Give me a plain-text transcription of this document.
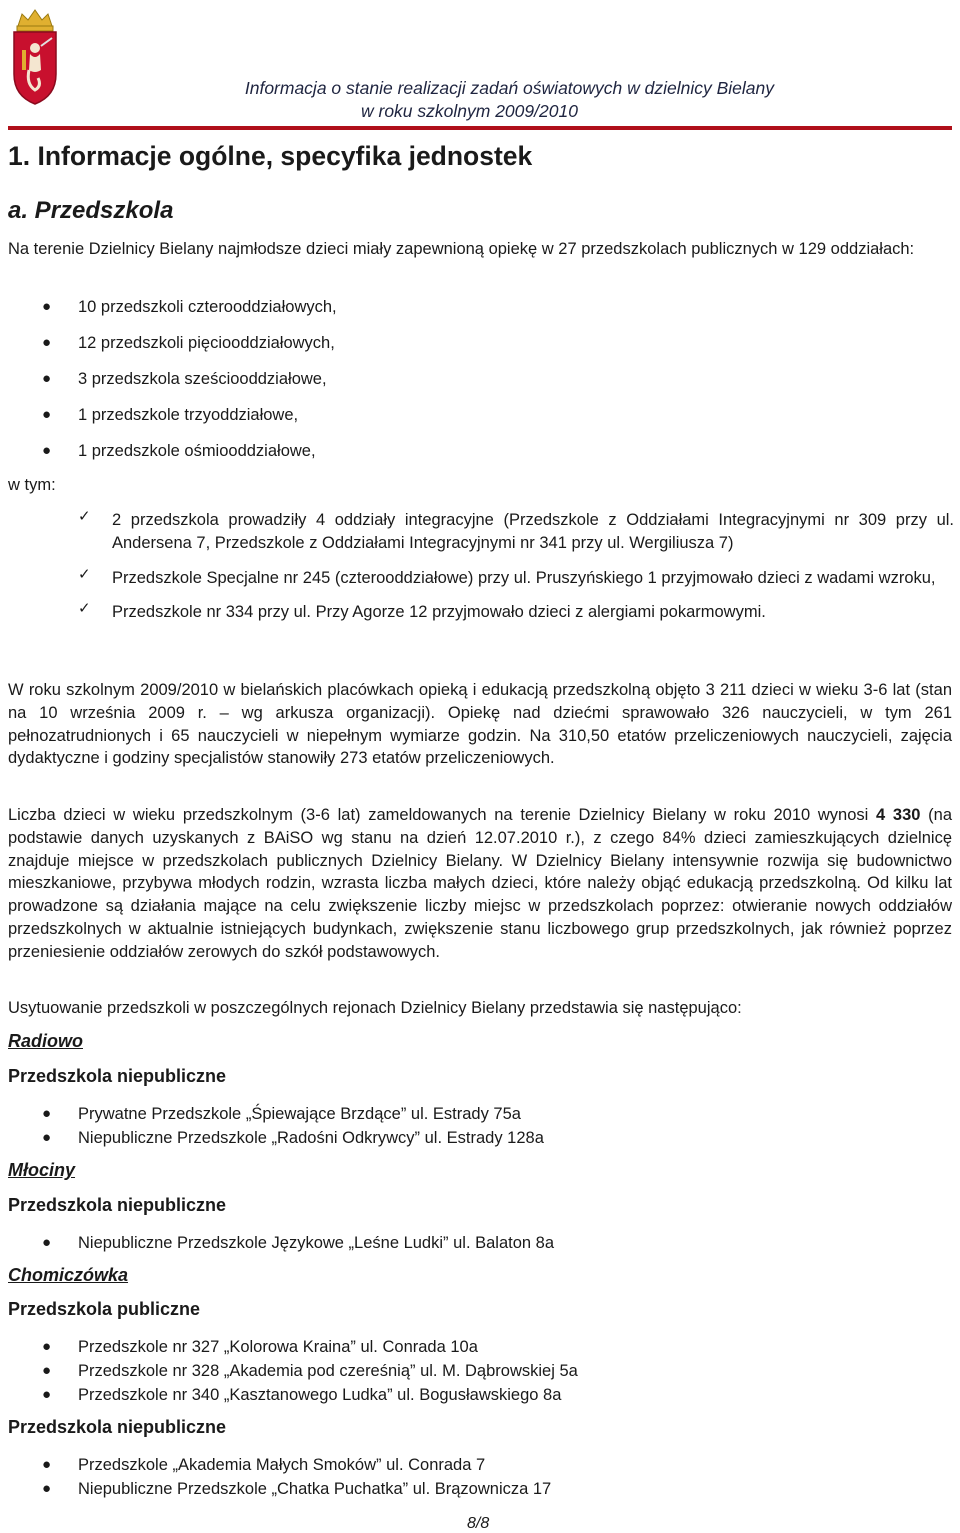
Informacja o stanie realizacji zadań oświatowych w dzielnicy Bielany
w roku szkolnym 2009/2010
1. Informacje ogólne, specyfika jednostek
a. Przedszkola

Na terenie Dzielnicy Bielany najmłodsze dzieci miały zapewnioną opiekę w 27 przedszkolach publicznych w 129 oddziałach:

● 10 przedszkoli czterooddziałowych,
● 12 przedszkoli pięciooddziałowych,
● 3 przedszkola sześciooddziałowe,
● 1 przedszkole trzyoddziałowe,
● 1 przedszkole ośmiooddziałowe,
w tym:
✓ 2 przedszkola prowadziły 4 oddziały integracyjne (Przedszkole z Oddziałami Integracyjnymi nr 309 przy ul. Andersena 7, Przedszkole z Oddziałami Integracyjnymi nr 341 przy ul. Wergiliusza 7)
✓ Przedszkole Specjalne nr 245 (czterooddziałowe) przy ul. Pruszyńskiego 1 przyjmowało dzieci z wadami wzroku,
✓ Przedszkole nr 334 przy ul. Przy Agorze 12 przyjmowało dzieci z alergiami pokarmowymi.

W roku szkolnym 2009/2010 w bielańskich placówkach opieką i edukacją przedszkolną objęto 3 211 dzieci w wieku 3-6 lat (stan na 10 września 2009 r. – wg arkusza organizacji). Opiekę nad dziećmi sprawowało 326 nauczycieli, w tym 261 pełnozatrudnionych i 65 nauczycieli w niepełnym wymiarze godzin. Na 310,50 etatów przeliczeniowych nauczycieli, zajęcia dydaktyczne i godziny specjalistów stanowiły 273 etatów przeliczeniowych.

Liczba dzieci w wieku przedszkolnym (3-6 lat) zameldowanych na terenie Dzielnicy Bielany w roku 2010 wynosi 4 330 (na podstawie danych uzyskanych z BAiSO wg stanu na dzień 12.07.2010 r.), z czego 84% dzieci zamieszkujących dzielnicę znajduje miejsce w przedszkolach publicznych Dzielnicy Bielany. W Dzielnicy Bielany intensywnie rozwija się budownictwo mieszkaniowe, przybywa młodych rodzin, wzrasta liczba małych dzieci, które należy objąć edukacją przedszkolną. Od kilku lat prowadzone są działania mające na celu zwiększenie liczby miejsc w przedszkolach poprzez: otwieranie nowych oddziałów przedszkolnych w aktualnie istniejących budynkach, zwiększenie stanu liczbowego grup przedszkolnych, jak również poprzez przeniesienie oddziałów zerowych do szkół podstawowych.

Usytuowanie przedszkoli w poszczególnych rejonach Dzielnicy Bielany przedstawia się następująco:

Radiowo
Przedszkola niepubliczne
● Prywatne Przedszkole „Śpiewające Brzdące” ul. Estrady 75a
● Niepubliczne Przedszkole „Radośni Odkrywcy” ul. Estrady 128a
Młociny
Przedszkola niepubliczne
● Niepubliczne Przedszkole Językowe „Leśne Ludki” ul. Balaton 8a
Chomiczówka
Przedszkola publiczne
● Przedszkole nr 327 „Kolorowa Kraina” ul. Conrada 10a
● Przedszkole nr 328 „Akademia pod czereśnią” ul. M. Dąbrowskiej 5a
● Przedszkole nr 340 „Kasztanowego Ludka” ul. Bogusławskiego 8a
Przedszkola niepubliczne
● Przedszkole „Akademia Małych Smoków” ul. Conrada 7
● Niepubliczne Przedszkole „Chatka Puchatka” ul. Brązownicza 17
8/8
